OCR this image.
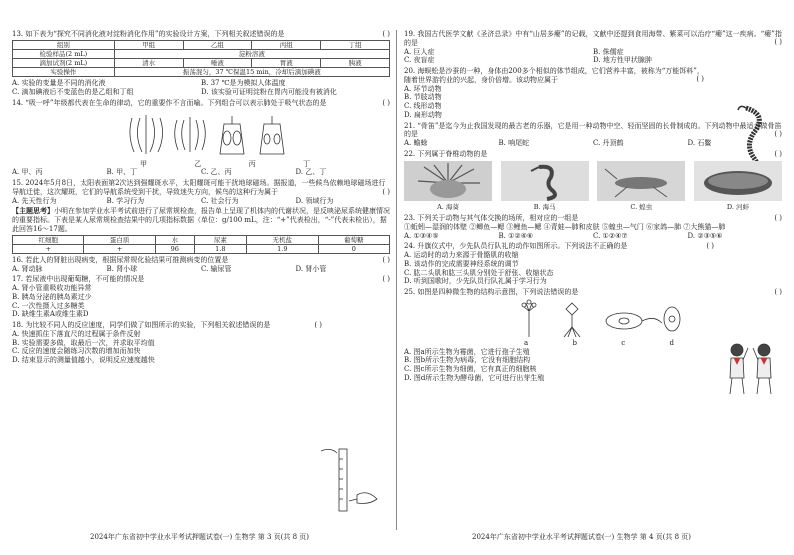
13. 如下表为“探究不同消化液对淀粉消化作用”的实验设计方案，下列相关叙述错误的是	( )
组别	甲组	乙组	丙组	丁组
检验样品(2 mL)	淀粉溶液			
滴加试剂(2 mL)	清水	唾液	胃液	胰液
实验操作	振荡混匀，37 ℃保温15 min，冷却后滴加碘液			
A. 实验的变量是不同的消化液	B. 37 ℃是为模拟人体温度
C. 滴加碘液后不变蓝色的是乙组和丁组	D. 该实验可证明淀粉在胃内可能没有被消化
14. “吸一呼”年级都代表在生命的律动，它的重要作不言而喻。下列组合可以表示肺处于吸气状态的是	( )
甲	乙	丙	丁
A. 甲、丙	B. 甲、丁	C. 乙、丙	D. 乙、丁
15. 2024年5月8日，太阳表面第2次达到强耀斑水平，太阳耀斑可能干扰地球磁场。据报道，一些候鸟依赖地球磁场进行导航迁徙，这次耀斑，它们的导航系统受到干扰，导致迷失方向，候鸟的这种行为属于	( )
A. 先天性行为	B. 学习行为	C. 社会行为	D. 领域行为
【主题思考】小明在参加学业水平考试前进行了尿常规检查，报告单上呈现了机体内的代谢状况，是反映泌尿系统健康情况的重要指标。下表是某人尿常规检查结果中的几项指标数据（单位：g/100 mL，注：“+”代表检出，“-”代表未检出），据此回答16～17题。
红细胞	蛋白质	水	尿素	无机盐	葡萄糖
+	+	96	1.8	1.9	0
16. 若此人的肾脏出现病变，根据尿常规化验结果可推测病变的位置是	( )
A. 肾动脉	B. 肾小球	C. 输尿管	D. 肾小管
17. 若尿液中出现葡萄糖，不可能的情况是	( )
A. 肾小管重吸收功能异常
B. 胰岛分泌的胰岛素过少
C. 一次性摄入过多糖类
D. 缺维生素A或维生素D
18. 为比较不同人的反应速度，同学们做了如图所示的实验，下列相关叙述错误的是	( )
A. 快速抓住下落直尺的过程属于条件反射
B. 实验需要多做，取最后一次，并求取平均值
C. 反应的速度会随练习次数的增加而加快
D. 结束显示的测量值越小，说明反应速度越快
19. 我国古代医学文献《圣济总录》中有“山居多瘿”的记载，文献中还提到食用海带、紫菜可以治疗“瘿”这一疾病。“瘿”指的是	( )
A. 巨人症	B. 侏儒症
C. 夜盲症	D. 地方性甲状腺肿
20. 海蜈蚣是沙蚕的一种，身体由200多个相似的体节组成，它们营养丰富，被称为“万能饵料”，随着世界游钓业的兴起，身价倍增。该动物应属于	( )
A. 环节动物
B. 节肢动物
C. 线形动物
D. 扁形动物
21. “骨笛”是迄今为止我国发现的最古老的乐器，它是用一种动物中空、轻而坚固的长骨制成的。下列动物中最适合做骨笛的是	( )
A. 蟾蜍	B. 响尾蛇	C. 丹顶鹤	D. 石鳖
22. 下列属于脊椎动物的是	( )
A. 海葵	B. 海马	C. 蝗虫	D. 河蚌
23. 下列关于动物与其气体交换的场所，相对应的一组是	( )
①蚯蚓—湿润的体壁 ②鲫鱼—鳃 ③鲤鱼—鳃 ④青蛙—肺和皮肤 ⑤蝗虫—气门 ⑥家鸽—肺 ⑦大熊猫—肺
A. ①③④⑤	B. ①②④⑥	C. ①②④⑦	D. ②③⑤⑥
24. 升旗仪式中，少先队员行队礼的动作如图所示。下列说法不正确的是	( )
A. 运动时的动力来源于骨骼肌的收缩
B. 该动作的完成需要神经系统的调节
C. 肱二头肌和肱三头肌分别处于舒张、收缩状态
D. 听到国歌时，少先队员行队礼属于学习行为
25. 如图是四种微生物的结构示意图，下列说法错误的是	( )
a	b	c	d
A. 图a所示生物为霉菌，它进行孢子生殖
B. 图b所示生物为病毒，它没有细胞结构
C. 图c所示生物为细菌，它有真正的细胞核
D. 图d所示生物为酵母菌，它可进行出芽生殖
2024年广东省初中学业水平考试押题试卷(一) 生物学 第 3 页(共 8 页)	2024年广东省初中学业水平考试押题试卷(一) 生物学 第 4 页(共 8 页)
